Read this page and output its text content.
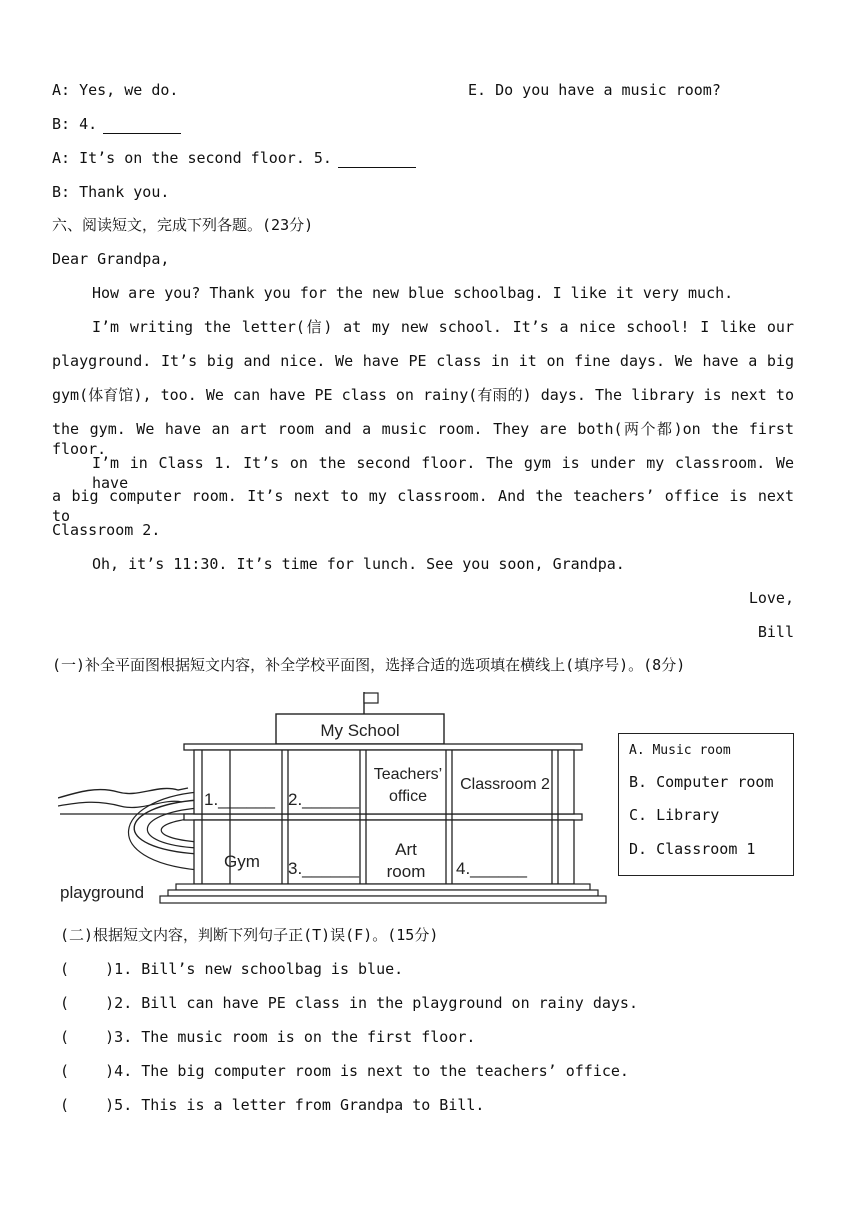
A: Yes, we do.	E. Do you have a music room?
B: 4.
A: It’s on the second floor. 5.
B: Thank you.
六、阅读短文，完成下列各题。(23分)
Dear Grandpa,
How are you? Thank you for the new blue schoolbag. I like it very much.
I’m writing the letter(信) at my new school. It’s a nice school! I like our
playground. It’s big and nice. We have PE class in it on fine days. We have a big
gym(体育馆), too. We can have PE class on rainy(有雨的) days. The library is next to
the gym. We have an art room and a music room. They are both(两个都)on the first floor.
I’m in Class 1. It’s on the second floor. The gym is under my classroom. We have
a big computer room. It’s next to my classroom. And the teachers’ office is next to
Classroom 2.
Oh, it’s 11:30. It’s time for lunch. See you soon, Grandpa.
Love,
Bill
(一)补全平面图根据短文内容，补全学校平面图，选择合适的选项填在横线上(填序号)。(8分)
My School
1.______ 2.______
Teachers’
office
Classroom 2
Gym 3.______
Art
room 4.______
playground
A. Music room
B. Computer room
C. Library
D. Classroom 1
(二)根据短文内容，判断下列句子正(T)误(F)。(15分)
(    )1. Bill’s new schoolbag is blue.
(    )2. Bill can have PE class in the playground on rainy days.
(    )3. The music room is on the first floor.
(    )4. The big computer room is next to the teachers’ office.
(    )5. This is a letter from Grandpa to Bill.
